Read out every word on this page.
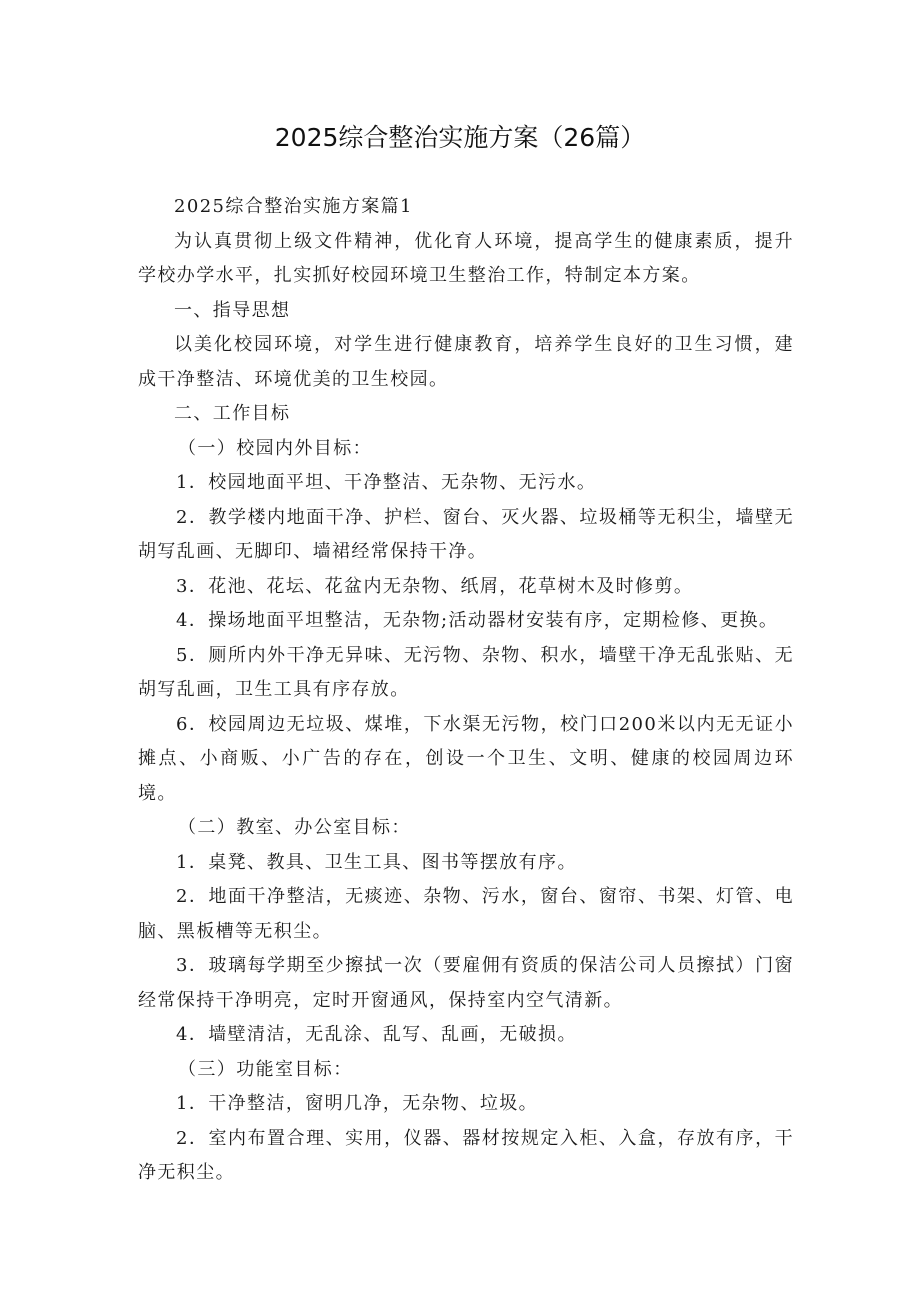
2025综合整治实施方案（26篇）

2025综合整治实施方案篇1

为认真贯彻上级文件精神，优化育人环境，提高学生的健康素质，提升学校办学水平，扎实抓好校园环境卫生整治工作，特制定本方案。

一、指导思想

以美化校园环境，对学生进行健康教育，培养学生良好的卫生习惯，建成干净整洁、环境优美的卫生校园。

二、工作目标

（一）校园内外目标：

1．校园地面平坦、干净整洁、无杂物、无污水。

2．教学楼内地面干净、护栏、窗台、灭火器、垃圾桶等无积尘，墙壁无胡写乱画、无脚印、墙裙经常保持干净。

3．花池、花坛、花盆内无杂物、纸屑，花草树木及时修剪。

4．操场地面平坦整洁，无杂物;活动器材安装有序，定期检修、更换。

5．厕所内外干净无异味、无污物、杂物、积水，墙壁干净无乱张贴、无胡写乱画，卫生工具有序存放。

6．校园周边无垃圾、煤堆，下水渠无污物，校门口200米以内无无证小摊点、小商贩、小广告的存在，创设一个卫生、文明、健康的校园周边环境。

（二）教室、办公室目标：

1．桌凳、教具、卫生工具、图书等摆放有序。

2．地面干净整洁，无痰迹、杂物、污水，窗台、窗帘、书架、灯管、电脑、黑板槽等无积尘。

3．玻璃每学期至少擦拭一次（要雇佣有资质的保洁公司人员擦拭）门窗经常保持干净明亮，定时开窗通风，保持室内空气清新。

4．墙壁清洁，无乱涂、乱写、乱画，无破损。

（三）功能室目标：

1．干净整洁，窗明几净，无杂物、垃圾。

2．室内布置合理、实用，仪器、器材按规定入柜、入盒，存放有序，干净无积尘。
